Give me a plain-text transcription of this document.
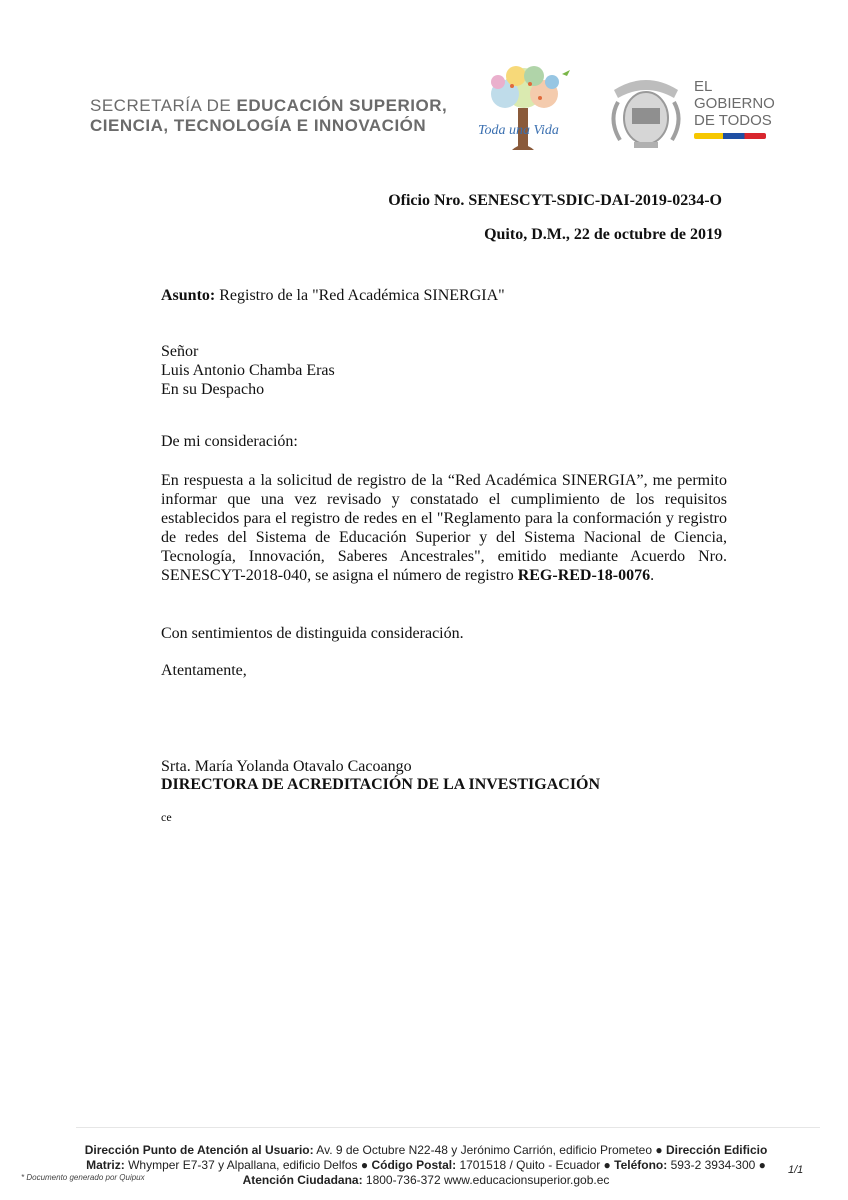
SECRETARÍA DE EDUCACIÓN SUPERIOR,
CIENCIA, TECNOLOGÍA E INNOVACIÓN	Toda una Vida
EL
GOBIERNO
DE TODOS
Oficio Nro. SENESCYT-SDIC-DAI-2019-0234-O
Quito, D.M., 22 de octubre de 2019
Asunto: Registro de la "Red Académica SINERGIA"
Señor
Luis Antonio Chamba Eras
En su Despacho
De mi consideración:
En respuesta a la solicitud de registro de la “Red Académica SINERGIA”, me permito informar que una vez revisado y constatado el cumplimiento de los requisitos establecidos para el registro de redes en el "Reglamento para la conformación y registro de redes del Sistema de Educación Superior y del Sistema Nacional de Ciencia, Tecnología, Innovación, Saberes Ancestrales", emitido mediante Acuerdo Nro. SENESCYT-2018-040, se asigna el número de registro REG-RED-18-0076.
Con sentimientos de distinguida consideración.
Atentamente,
Srta. María Yolanda Otavalo Cacoango
DIRECTORA DE ACREDITACIÓN DE LA INVESTIGACIÓN
ce
Dirección Punto de Atención al Usuario: Av. 9 de Octubre N22-48 y Jerónimo Carrión, edificio Prometeo ● Dirección Edificio Matriz: Whymper E7-37 y Alpallana, edificio Delfos ● Código Postal: 1701518 / Quito - Ecuador ● Teléfono: 593-2 3934-300 ● Atención Ciudadana: 1800-736-372 www.educacionsuperior.gob.ec
* Documento generado por Quipux
1/1
